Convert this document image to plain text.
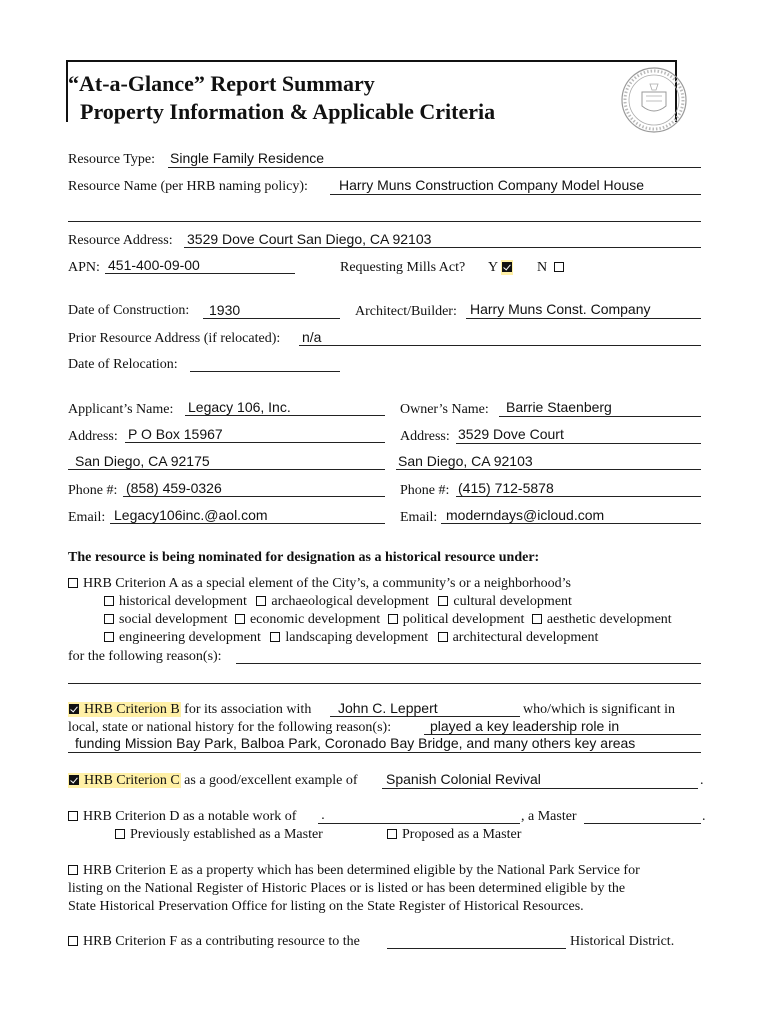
“At-a-Glance” Report Summary
Property Information & Applicable Criteria
Resource Type: Single Family Residence
Resource Name (per HRB naming policy): Harry Muns Construction Company Model House
Resource Address: 3529 Dove Court San Diego, CA 92103
APN: 451-400-09-00	Requesting Mills Act? Y	N
Date of Construction: 1930	Architect/Builder: Harry Muns Const. Company
Prior Resource Address (if relocated): n/a
Date of Relocation:
Applicant’s Name: Legacy 106, Inc.
Address: P O Box 15967
San Diego, CA 92175
Phone #: (858) 459-0326
Email: Legacy106inc.@aol.com
Owner’s Name: Barrie Staenberg
Address: 3529 Dove Court
San Diego, CA 92103
Phone #: (415) 712-5878
Email: moderndays@icloud.com
The resource is being nominated for designation as a historical resource under:
HRB Criterion A as a special element of the City’s, a community’s or a neighborhood’s
historical development archaeological development cultural development
social development economic development political development aesthetic development
engineering development landscaping development architectural development
for the following reason(s):
HRB Criterion B for its association with John C. Leppert	who/which is significant in
local, state or national history for the following reason(s):	played a key leadership role in
funding Mission Bay Park, Balboa Park, Coronado Bay Bridge, and many others key areas
HRB Criterion C as a good/excellent example of Spanish Colonial Revival	.
HRB Criterion D as a notable work of .	, a Master	.
Previously established as a Master	Proposed as a Master
HRB Criterion E as a property which has been determined eligible by the National Park Service for
listing on the National Register of Historic Places or is listed or has been determined eligible by the
State Historical Preservation Office for listing on the State Register of Historical Resources.
HRB Criterion F as a contributing resource to the	Historical District.
